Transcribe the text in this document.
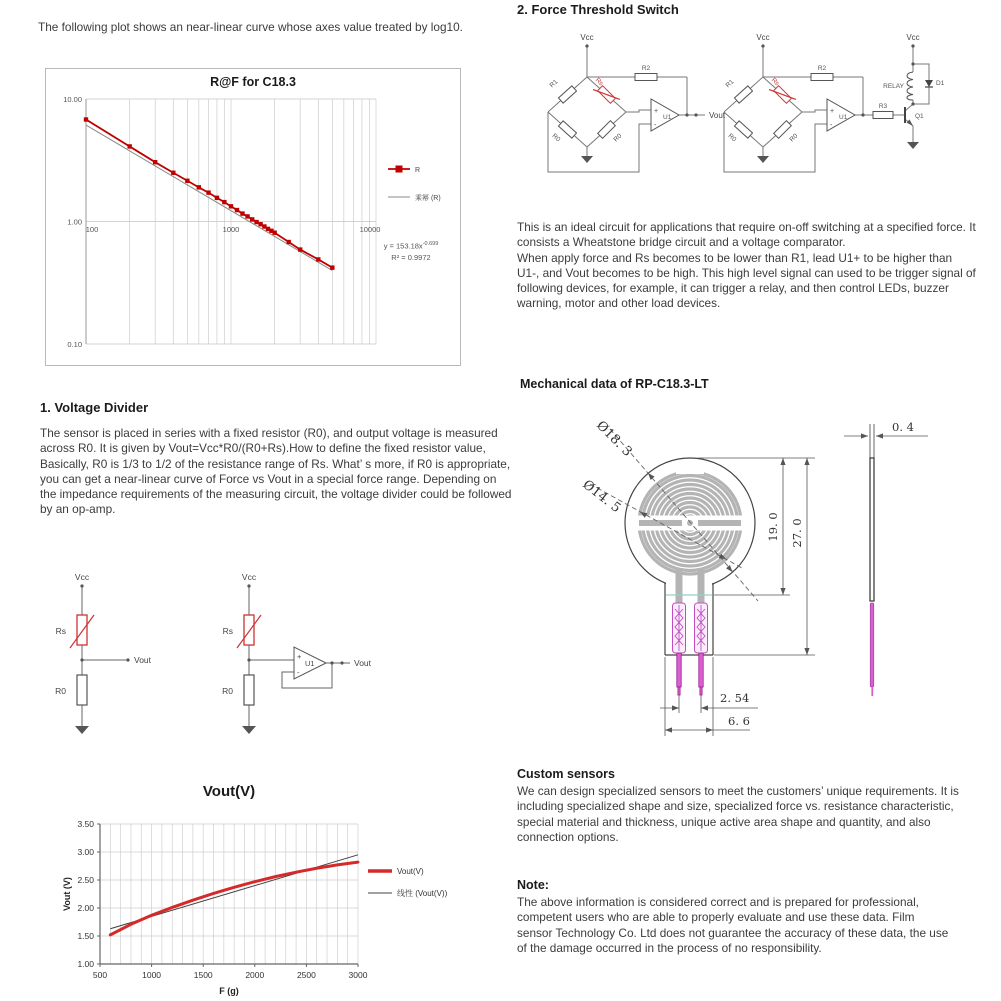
The following plot shows an near-linear curve whose axes value treated by log10.
R@F for C18.3
10.00
1.00
0.10
100	1000	10000
R
乘幂 (R)
$y = 153.18x^{-0.699}$
R² = 0.9972
2. Force Threshold Switch
Vcc	Vcc	Vcc
Vout
R1	Rs
R0	R0
R1	Rs
R0	R0
R2	R2
R3
U1	U1	Q1
RELAY	D1
+
-
+
-
This is an ideal circuit for applications that require on-off switching at a specified force. It consists a Wheatstone bridge circuit and a voltage comparator.
When apply force and Rs becomes to be lower than R1, lead U1+ to be higher than U1-, and Vout becomes to be high. This high level signal can used to be trigger signal of following devices, for example, it can trigger a relay, and then control LEDs, buzzer warning, motor and other load devices.
1. Voltage Divider
The sensor is placed in series with a fixed resistor (R0), and output voltage is measured across R0. It is given by Vout=Vcc*R0/(R0+Rs).How to define the fixed resistor value, Basically, R0 is 1/3 to 1/2 of the resistance range of Rs. What’ s more, if R0 is appropriate, you can get a near-linear curve of Force vs Vout in a special force range. Depending on the impedance requirements of the measuring circuit, the voltage divider could be followed by an op-amp.
Vcc	Vcc
Rs
R0
Rs
R0
Vout	Vout
U1
+
-
Vout(V)
1.00
1.50
2.00
2.50
3.00
3.50
500	1000	1500	2000	2500	3000
Vout (V)
F (g)
Vout(V)
线性 (Vout(V))
Mechanical data of RP-C18.3-LT
Ø18. 3
Ø14. 5
19. 0 27. 0
2. 54
6. 6
0. 4
Custom sensors
We can design specialized sensors to meet the customers’ unique requirements. It is including specialized shape and size, specialized force vs. resistance characteristic, special material and thickness, unique active area shape and quantity, and also connection options.
Note:
The above information is considered correct and is prepared for professional, competent users who are able to properly evaluate and use these data. Film sensor Technology Co. Ltd does not guarantee the accuracy of these data, the use of the damage occurred in the process of no responsibility.
